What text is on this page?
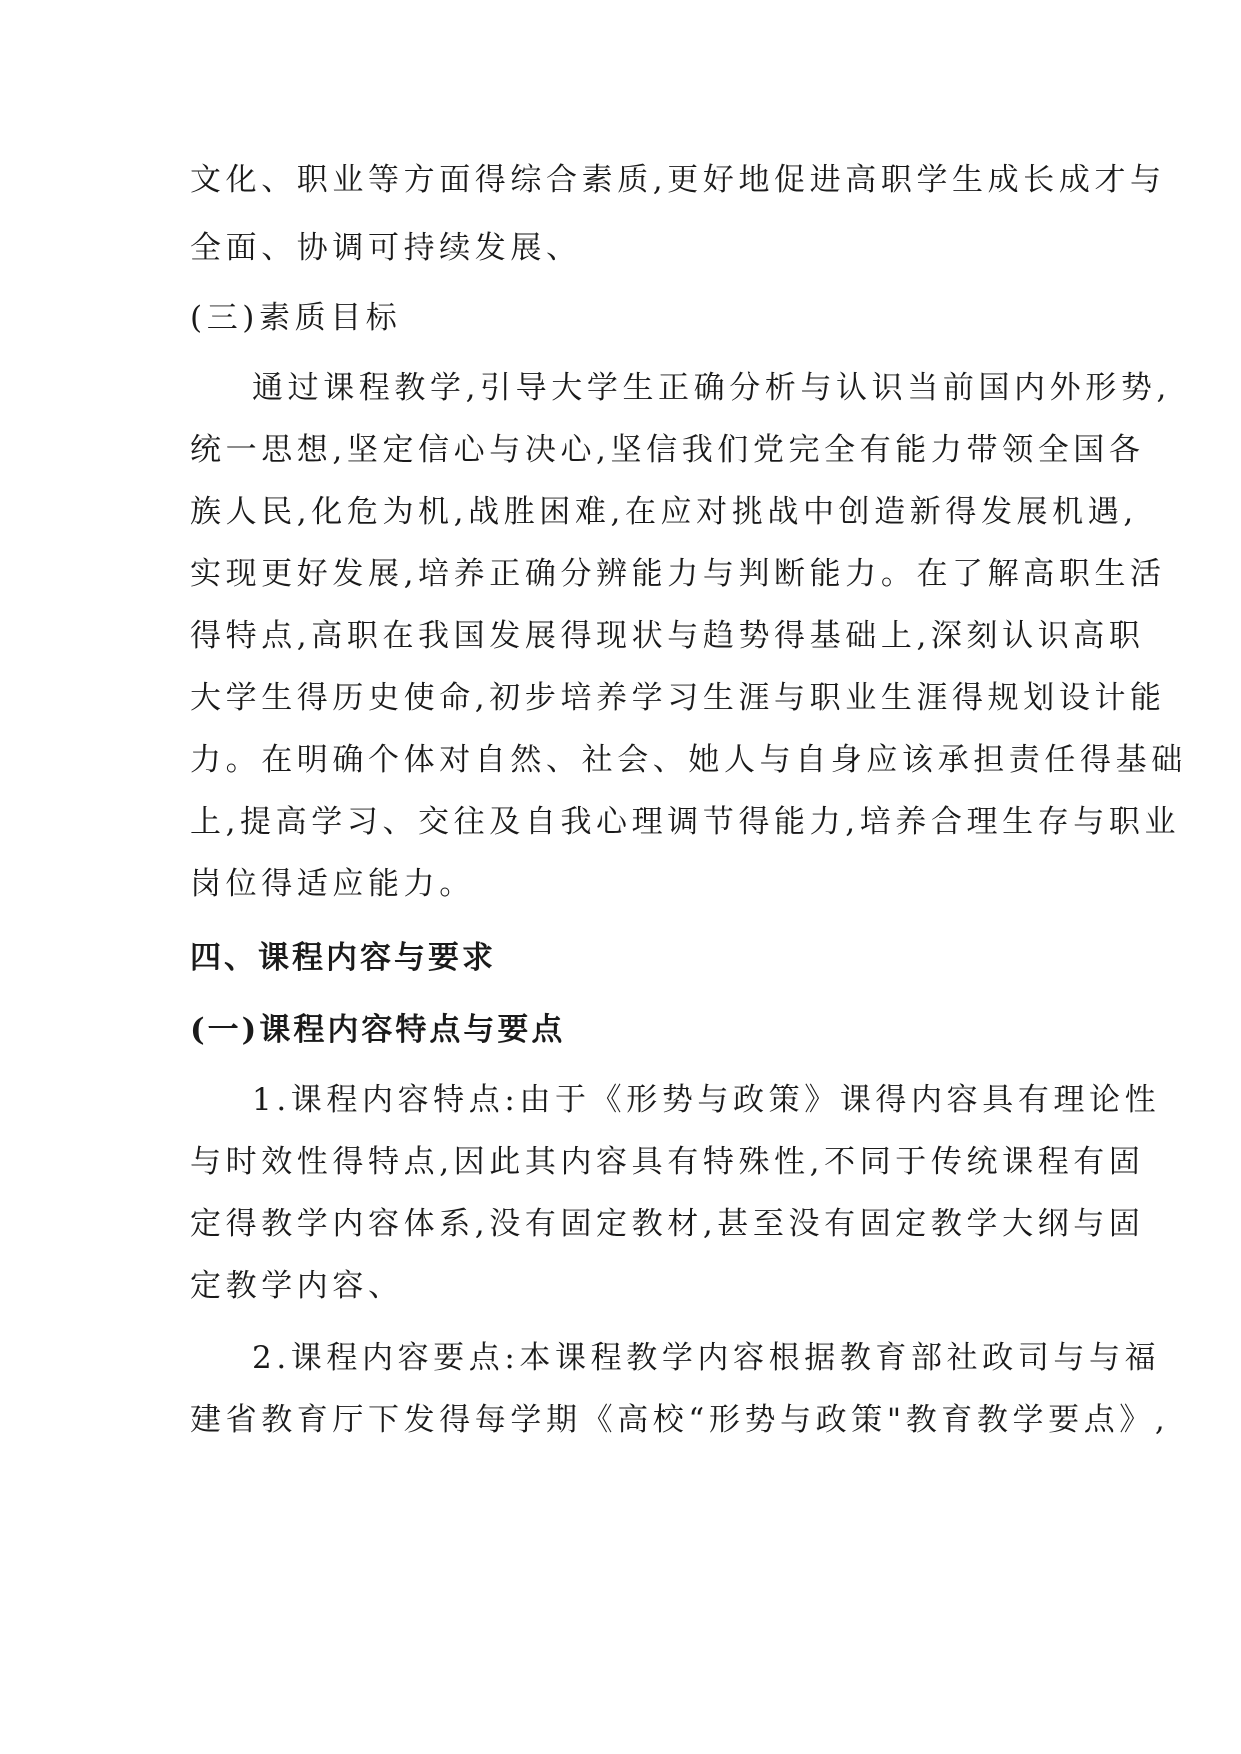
文化、职业等方面得综合素质,更好地促进高职学生成长成才与
全面、协调可持续发展、
(三)素质目标
通过课程教学,引导大学生正确分析与认识当前国内外形势,
统一思想,坚定信心与决心,坚信我们党完全有能力带领全国各
族人民,化危为机,战胜困难,在应对挑战中创造新得发展机遇,
实现更好发展,培养正确分辨能力与判断能力。在了解高职生活
得特点,高职在我国发展得现状与趋势得基础上,深刻认识高职
大学生得历史使命,初步培养学习生涯与职业生涯得规划设计能
力。在明确个体对自然、社会、她人与自身应该承担责任得基础
上,提高学习、交往及自我心理调节得能力,培养合理生存与职业
岗位得适应能力。
四、课程内容与要求
(一)课程内容特点与要点
1.课程内容特点:由于《形势与政策》课得内容具有理论性
与时效性得特点,因此其内容具有特殊性,不同于传统课程有固
定得教学内容体系,没有固定教材,甚至没有固定教学大纲与固
定教学内容、
2.课程内容要点:本课程教学内容根据教育部社政司与与福
建省教育厅下发得每学期《高校“形势与政策"教育教学要点》,
